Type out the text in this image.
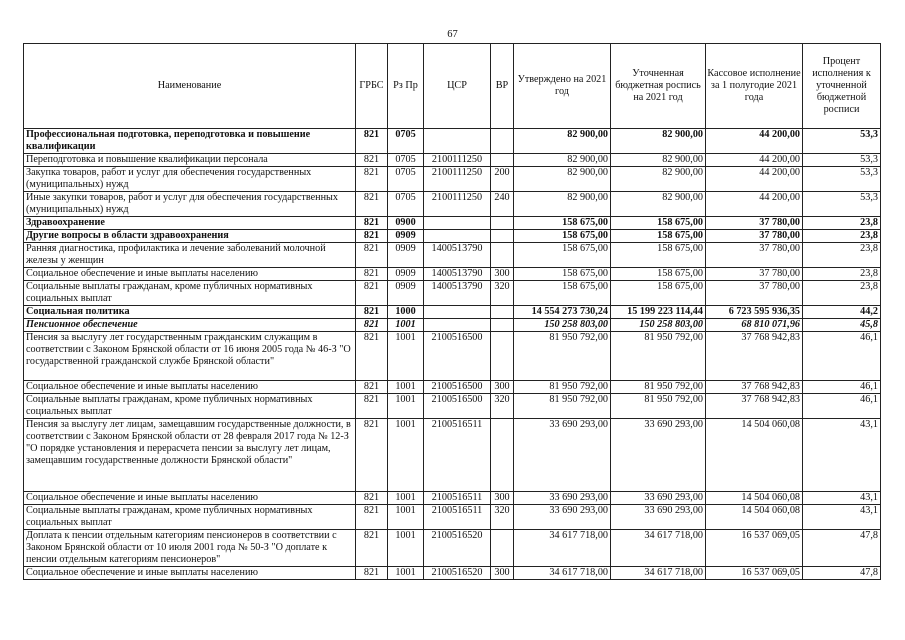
67
Наименование	ГРБС	Рз Пр	ЦСР	ВР	Утверждено на 2021 год	Уточненная бюджетная роспись на 2021 год	Кассовое исполнение за 1 полугодие 2021 года	Процент исполнения к уточненной бюджетной росписи
Профессиональная подготовка, переподготовка и повышение квалификации	821	0705			82 900,00	82 900,00	44 200,00	53,3
Переподготовка и повышение квалификации персонала	821	0705	2100111250		82 900,00	82 900,00	44 200,00	53,3
Закупка товаров, работ и услуг для обеспечения государственных (муниципальных) нужд	821	0705	2100111250	200	82 900,00	82 900,00	44 200,00	53,3
Иные закупки товаров, работ и услуг для обеспечения государственных (муниципальных) нужд	821	0705	2100111250	240	82 900,00	82 900,00	44 200,00	53,3
Здравоохранение	821	0900			158 675,00	158 675,00	37 780,00	23,8
Другие вопросы в области здравоохранения	821	0909			158 675,00	158 675,00	37 780,00	23,8
Ранняя диагностика, профилактика и лечение заболеваний молочной железы у женщин	821	0909	1400513790		158 675,00	158 675,00	37 780,00	23,8
Социальное обеспечение и иные выплаты населению	821	0909	1400513790	300	158 675,00	158 675,00	37 780,00	23,8
Социальные выплаты гражданам, кроме публичных нормативных социальных выплат	821	0909	1400513790	320	158 675,00	158 675,00	37 780,00	23,8
Социальная политика	821	1000			14 554 273 730,24	15 199 223 114,44	6 723 595 936,35	44,2
Пенсионное обеспечение	821	1001			150 258 803,00	150 258 803,00	68 810 071,96	45,8
Пенсия за выслугу лет государственным гражданским служащим в соответствии с Законом Брянской области от 16 июня 2005 года № 46-З "О государственной гражданской службе Брянской области"	821	1001	2100516500		81 950 792,00	81 950 792,00	37 768 942,83	46,1
Социальное обеспечение и иные выплаты населению	821	1001	2100516500	300	81 950 792,00	81 950 792,00	37 768 942,83	46,1
Социальные выплаты гражданам, кроме публичных нормативных социальных выплат	821	1001	2100516500	320	81 950 792,00	81 950 792,00	37 768 942,83	46,1
Пенсия за выслугу лет лицам, замещавшим государственные должности, в соответствии с Законом Брянской области от 28 февраля 2017 года № 12-З "О порядке установления и перерасчета пенсии за выслугу лет лицам, замещавшим государственные должности Брянской области"	821	1001	2100516511		33 690 293,00	33 690 293,00	14 504 060,08	43,1
Социальное обеспечение и иные выплаты населению	821	1001	2100516511	300	33 690 293,00	33 690 293,00	14 504 060,08	43,1
Социальные выплаты гражданам, кроме публичных нормативных социальных выплат	821	1001	2100516511	320	33 690 293,00	33 690 293,00	14 504 060,08	43,1
Доплата к пенсии отдельным категориям пенсионеров в соответствии с Законом Брянской области от 10 июля 2001 года № 50-З "О доплате к пенсии отдельным категориям пенсионеров"	821	1001	2100516520		34 617 718,00	34 617 718,00	16 537 069,05	47,8
Социальное обеспечение и иные выплаты населению	821	1001	2100516520	300	34 617 718,00	34 617 718,00	16 537 069,05	47,8
